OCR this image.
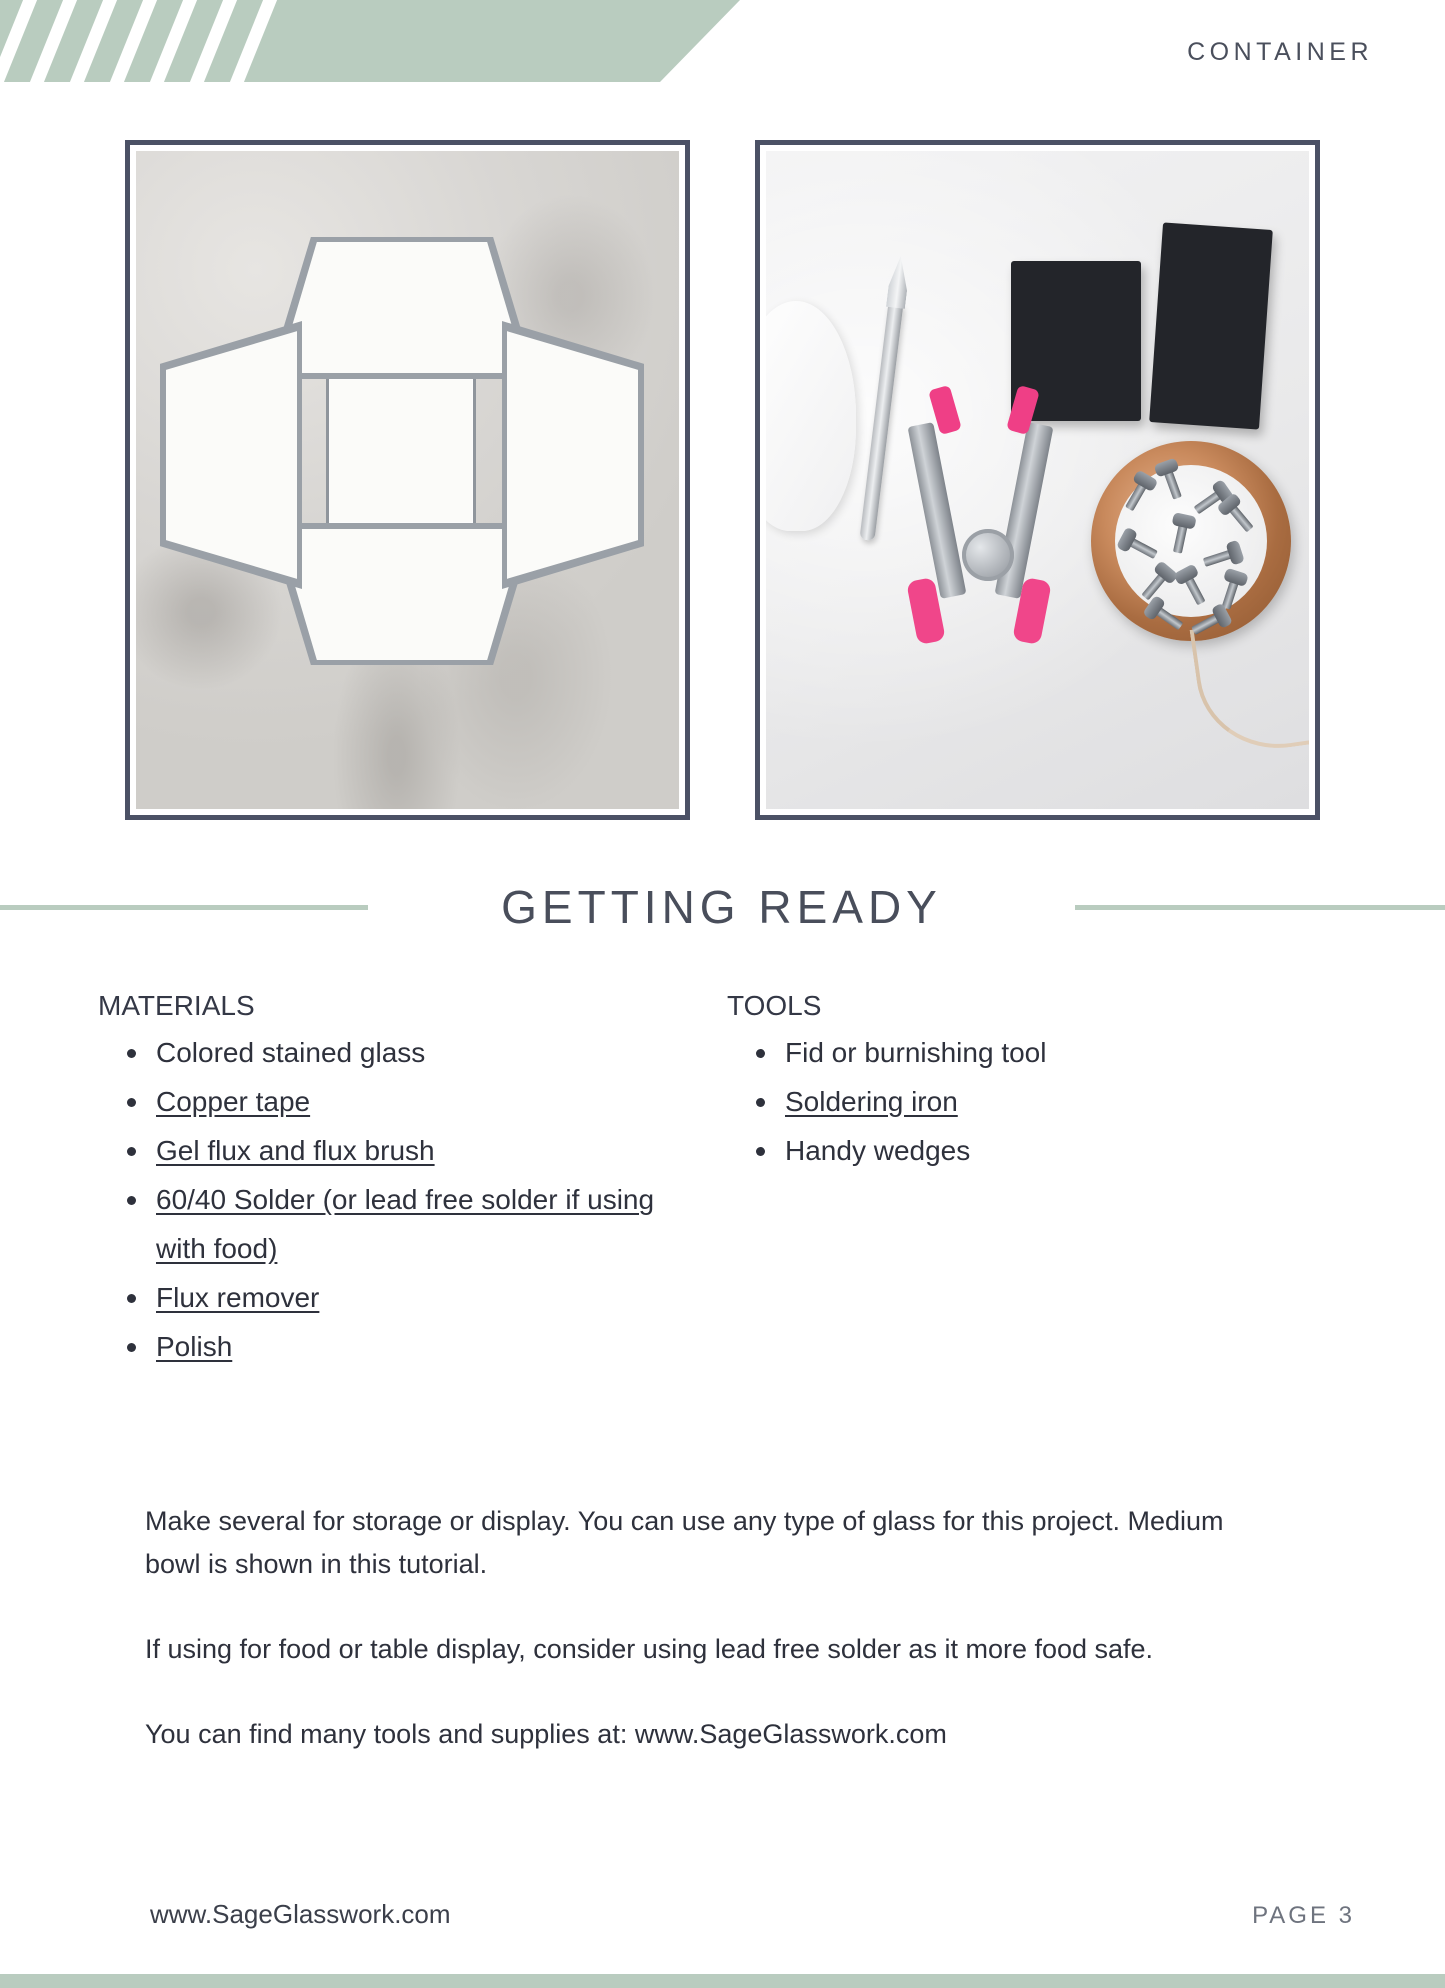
CONTAINER
GETTING READY
MATERIALS
Colored stained glass
Copper tape
Gel flux and flux brush
60/40 Solder (or lead free solder if using with food)
Flux remover
Polish
TOOLS
Fid or burnishing tool
Soldering iron
Handy wedges

Make several for storage or display. You can use any type of glass for this project. Medium bowl is shown in this tutorial.

If using for food or table display, consider using lead free solder as it more food safe.

You can find many tools and supplies at: www.SageGlasswork.com

www.SageGlasswork.com	PAGE 3
